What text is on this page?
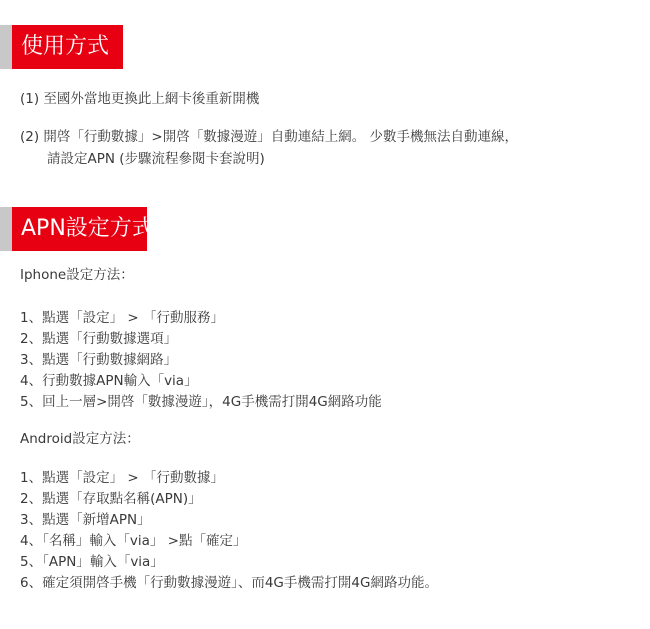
使用方式
(1) 至國外當地更換此上網卡後重新開機
(2) 開啓「行動數據」>開啓「數據漫遊」自動連結上網。 少數手機無法自動連線，
請設定APN (步驟流程參閱卡套說明)
APN設定方式
Iphone設定方法：
1、點選「設定」 > 「行動服務」
2、點選「行動數據選項」
3、點選「行動數據網路」
4、行動數據APN輸入「via」
5、回上一層>開啓「數據漫遊」，4G手機需打開4G網路功能
Android設定方法：
1、點選「設定」 > 「行動數據」
2、點選「存取點名稱(APN)」
3、點選「新增APN」
4、「名稱」輸入「via」 >點「確定」
5、「APN」輸入「via」
6、確定須開啓手機「行動數據漫遊」、而4G手機需打開4G網路功能。
